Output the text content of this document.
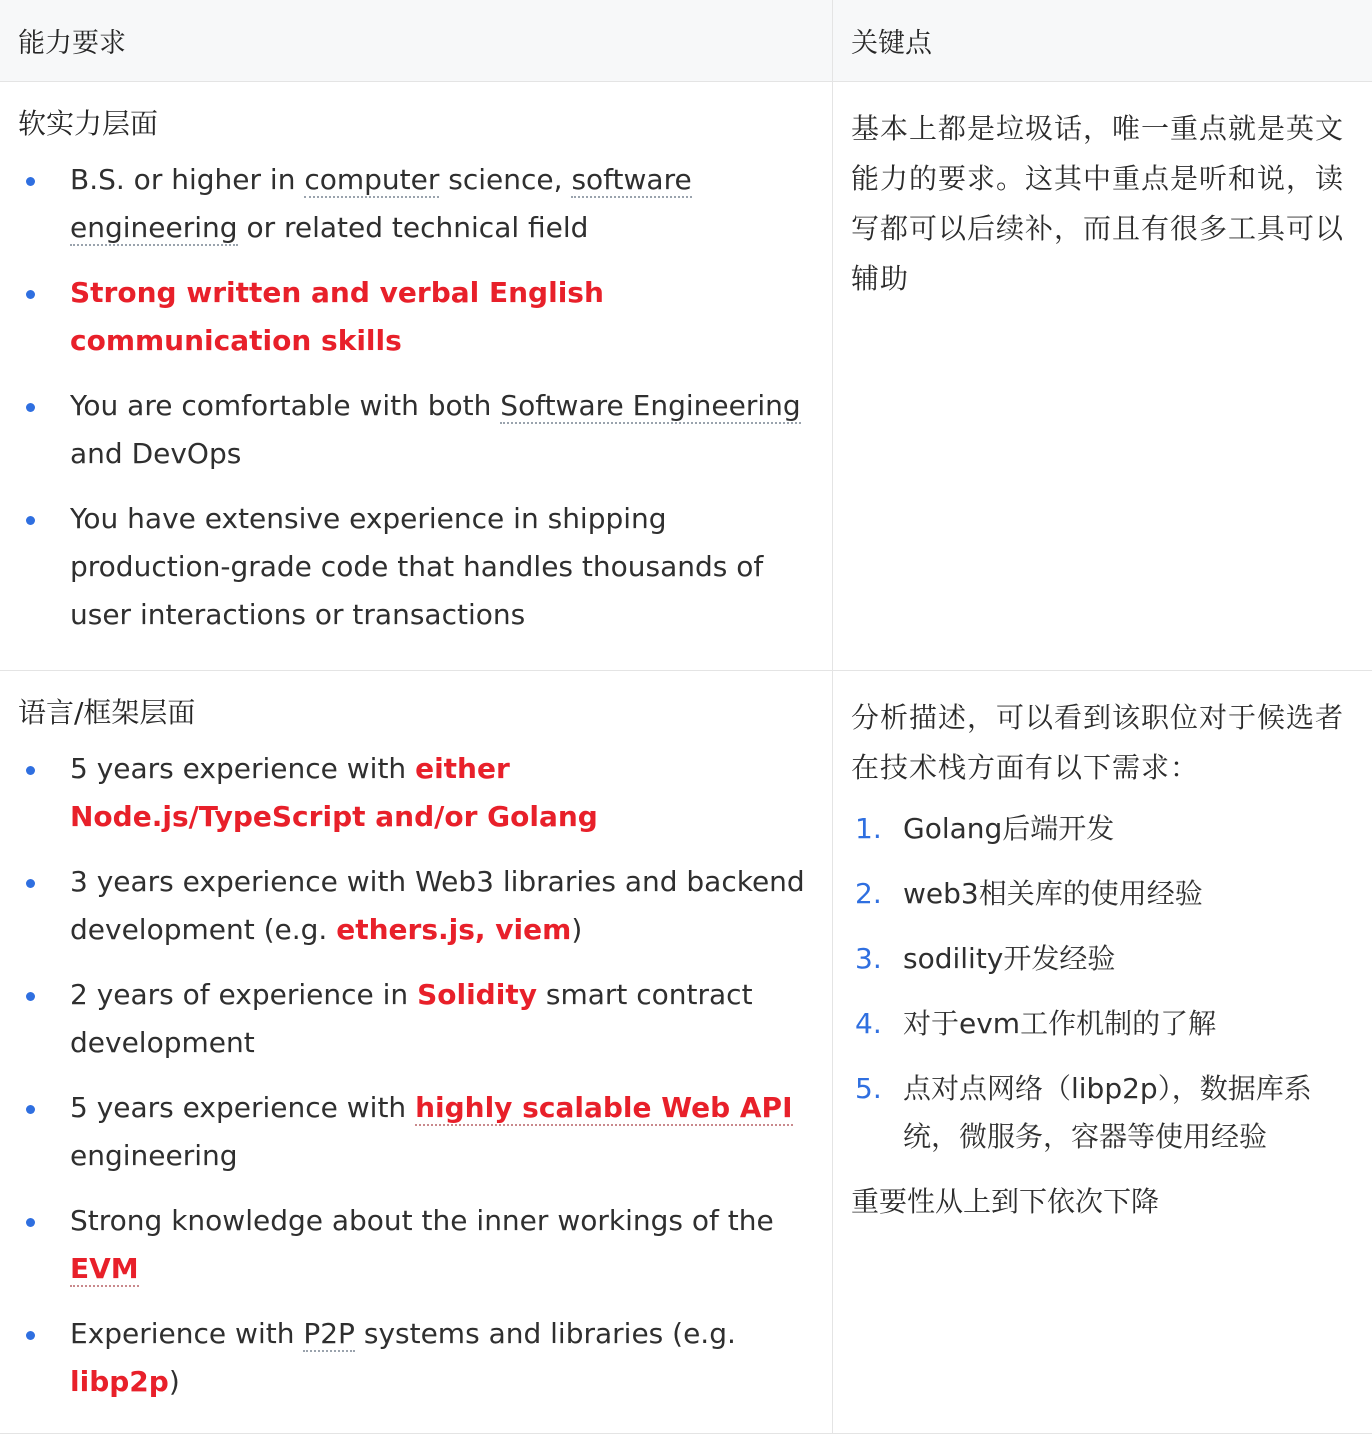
能力要求	关键点
软实力层面
B.S. or higher in computer science, software engineering or related technical field
Strong written and verbal English communication skills
You are comfortable with both Software Engineering and DevOps
You have extensive experience in shipping production-grade code that handles thousands of user interactions or transactions

基本上都是垃圾话，唯一重点就是英文能力的要求。这其中重点是听和说，读写都可以后续补，而且有很多工具可以辅助

语言/框架层面
5 years experience with either Node.js/TypeScript and/or Golang
3 years experience with Web3 libraries and backend development (e.g. ethers.js, viem)
2 years of experience in Solidity smart contract development
5 years experience with highly scalable Web API engineering
Strong knowledge about the inner workings of the EVM
Experience with P2P systems and libraries (e.g. libp2p)

分析描述，可以看到该职位对于候选者在技术栈方面有以下需求：

1. Golang后端开发
2. web3相关库的使用经验
3. sodility开发经验
4. 对于evm工作机制的了解
5. 点对点网络（libp2p），数据库系统，微服务，容器等使用经验
重要性从上到下依次下降
